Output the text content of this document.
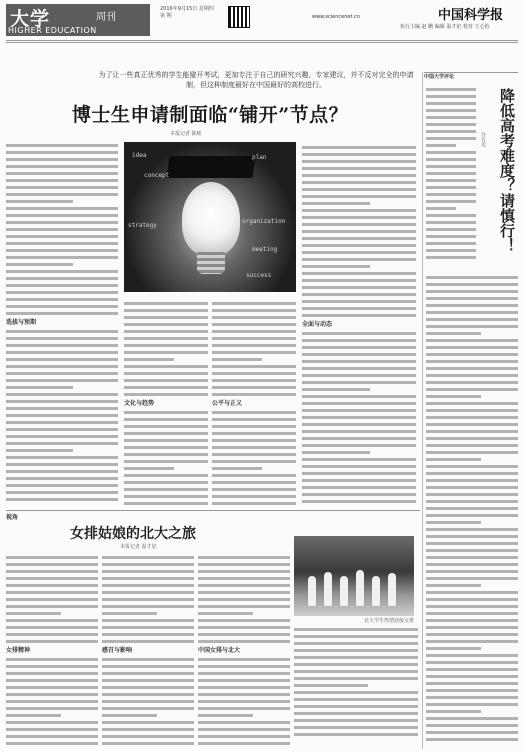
大学	周刊
HIGHER EDUCATION
2016年9月15日 星期四
第 期	www.sciencenet.cn	中国科学报
执行主编 赵 鹏 编辑 温才妃 校对 王心怡
为了让一些真正优秀的学生能避开考试，更加专注于自己的研究兴趣，专家建议，并不反对完全的申请制，但这种制度最好在中国最好的高校进行。
博士生申请制面临“铺开”节点？
本报记者 陈彬
选拔与预期
文化与趋势	公平与正义
全面与动态
idea
concept
plan
strategy
organization
meeting
success
中国大学评论
降低高考难度？请慎行！
许有光
视角
女排姑娘的北大之旅
本报记者 温才妃
女排精神	感召与影响	中国女排与北大
北大学生热情迎接女排
